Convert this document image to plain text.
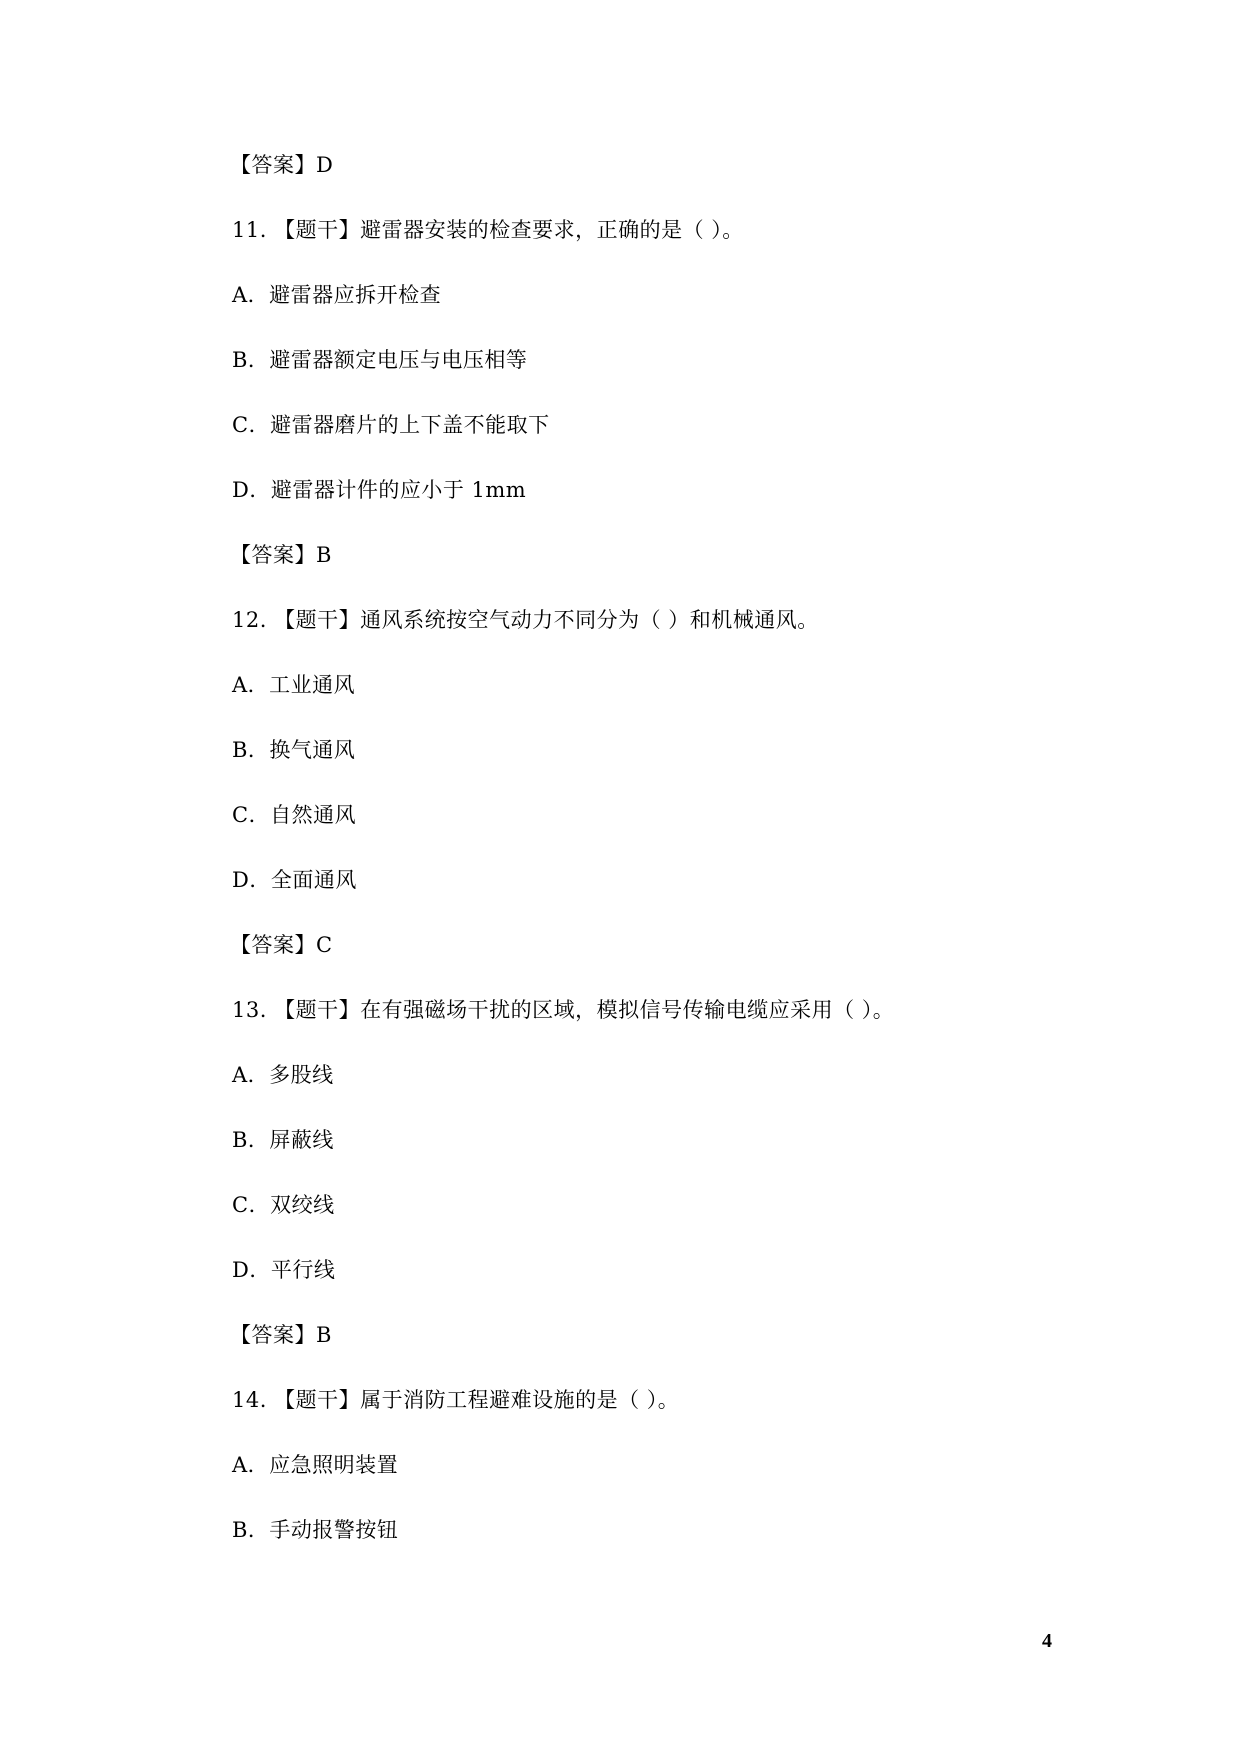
【答案】D
11. 【题干】避雷器安装的检查要求，正确的是（ ）。
A．避雷器应拆开检查
B．避雷器额定电压与电压相等
C．避雷器磨片的上下盖不能取下
D．避雷器计件的应小于 1mm
【答案】B
12. 【题干】通风系统按空气动力不同分为（ ）和机械通风。
A．工业通风
B．换气通风
C．自然通风
D．全面通风
【答案】C
13. 【题干】在有强磁场干扰的区域，模拟信号传输电缆应采用（ ）。
A．多股线
B．屏蔽线
C．双绞线
D．平行线
【答案】B
14. 【题干】属于消防工程避难设施的是（ ）。
A．应急照明装置
B．手动报警按钮
4
